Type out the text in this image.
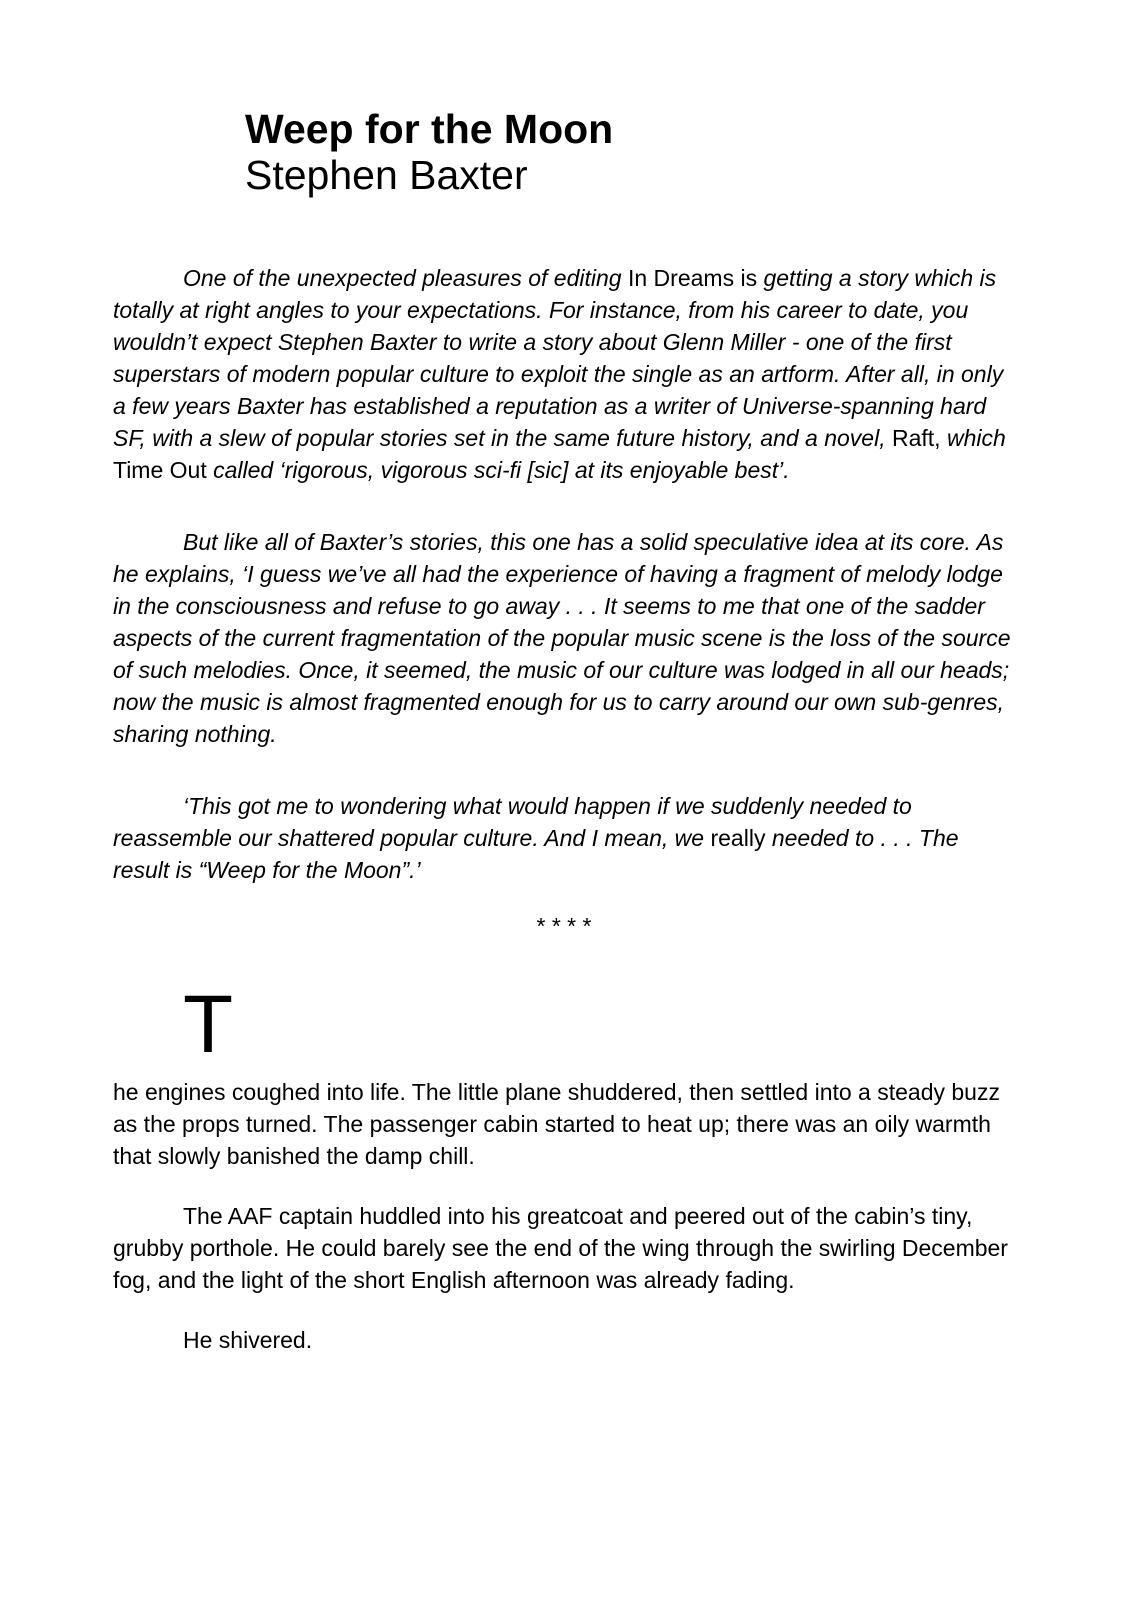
Weep for the Moon
Stephen Baxter

One of the unexpected pleasures of editing In Dreams is getting a story which is totally at right angles to your expectations. For instance, from his career to date, you wouldn’t expect Stephen Baxter to write a story about Glenn Miller - one of the first superstars of modern popular culture to exploit the single as an artform. After all, in only a few years Baxter has established a reputation as a writer of Universe-spanning hard SF, with a slew of popular stories set in the same future history, and a novel, Raft, which Time Out called ‘rigorous, vigorous sci-fi [sic] at its enjoyable best’.

But like all of Baxter’s stories, this one has a solid speculative idea at its core. As he explains, ‘I guess we’ve all had the experience of having a fragment of melody lodge in the consciousness and refuse to go away . . . It seems to me that one of the sadder aspects of the current fragmentation of the popular music scene is the loss of the source of such melodies. Once, it seemed, the music of our culture was lodged in all our heads; now the music is almost fragmented enough for us to carry around our own sub-genres, sharing nothing.

‘This got me to wondering what would happen if we suddenly needed to reassemble our shattered popular culture. And I mean, we really needed to . . . The result is “Weep for the Moon”.’

* * * *
T

he engines coughed into life. The little plane shuddered, then settled into a steady buzz as the props turned. The passenger cabin started to heat up; there was an oily warmth that slowly banished the damp chill.

The AAF captain huddled into his greatcoat and peered out of the cabin’s tiny, grubby porthole. He could barely see the end of the wing through the swirling December fog, and the light of the short English afternoon was already fading.

He shivered.
